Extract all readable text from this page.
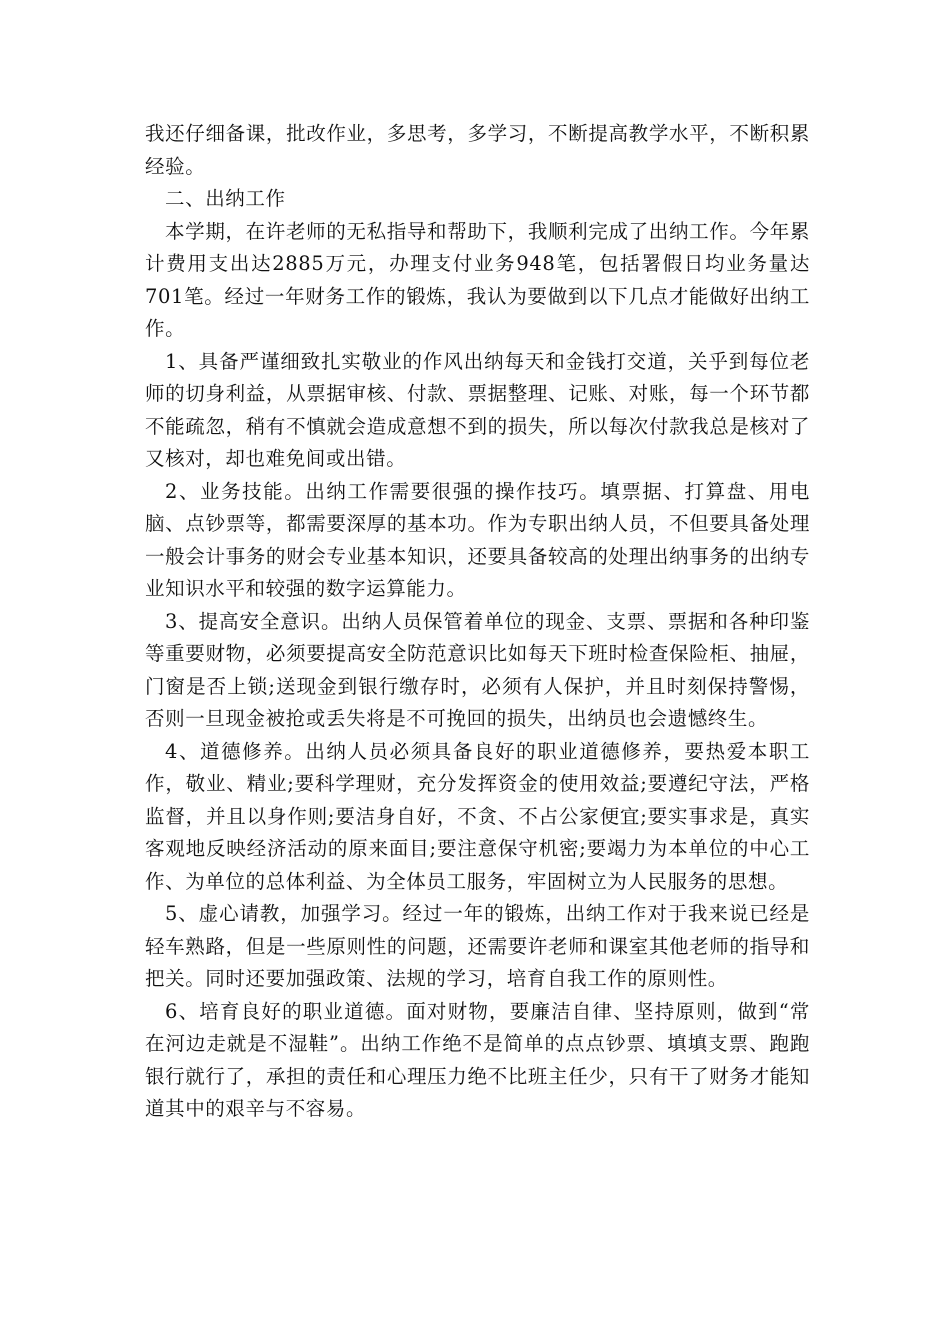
我还仔细备课，批改作业，多思考，多学习，不断提高教学水平，不断积累经验。

二、出纳工作

本学期，在许老师的无私指导和帮助下，我顺利完成了出纳工作。今年累计费用支出达2885万元，办理支付业务948笔，包括署假日均业务量达701笔。经过一年财务工作的锻炼，我认为要做到以下几点才能做好出纳工作。

1、具备严谨细致扎实敬业的作风出纳每天和金钱打交道，关乎到每位老师的切身利益，从票据审核、付款、票据整理、记账、对账，每一个环节都不能疏忽，稍有不慎就会造成意想不到的损失，所以每次付款我总是核对了又核对，却也难免间或出错。

2、业务技能。出纳工作需要很强的操作技巧。填票据、打算盘、用电脑、点钞票等，都需要深厚的基本功。作为专职出纳人员，不但要具备处理一般会计事务的财会专业基本知识，还要具备较高的处理出纳事务的出纳专业知识水平和较强的数字运算能力。

3、提高安全意识。出纳人员保管着单位的现金、支票、票据和各种印鉴等重要财物，必须要提高安全防范意识比如每天下班时检查保险柜、抽屉，门窗是否上锁;送现金到银行缴存时，必须有人保护，并且时刻保持警惕，否则一旦现金被抢或丢失将是不可挽回的损失，出纳员也会遗憾终生。

4、道德修养。出纳人员必须具备良好的职业道德修养，要热爱本职工作，敬业、精业;要科学理财，充分发挥资金的使用效益;要遵纪守法，严格监督，并且以身作则;要洁身自好，不贪、不占公家便宜;要实事求是，真实客观地反映经济活动的原来面目;要注意保守机密;要竭力为本单位的中心工作、为单位的总体利益、为全体员工服务，牢固树立为人民服务的思想。

5、虚心请教，加强学习。经过一年的锻炼，出纳工作对于我来说已经是轻车熟路，但是一些原则性的问题，还需要许老师和课室其他老师的指导和把关。同时还要加强政策、法规的学习，培育自我工作的原则性。

6、培育良好的职业道德。面对财物，要廉洁自律、坚持原则，做到“常在河边走就是不湿鞋”。出纳工作绝不是简单的点点钞票、填填支票、跑跑银行就行了，承担的责任和心理压力绝不比班主任少，只有干了财务才能知道其中的艰辛与不容易。
